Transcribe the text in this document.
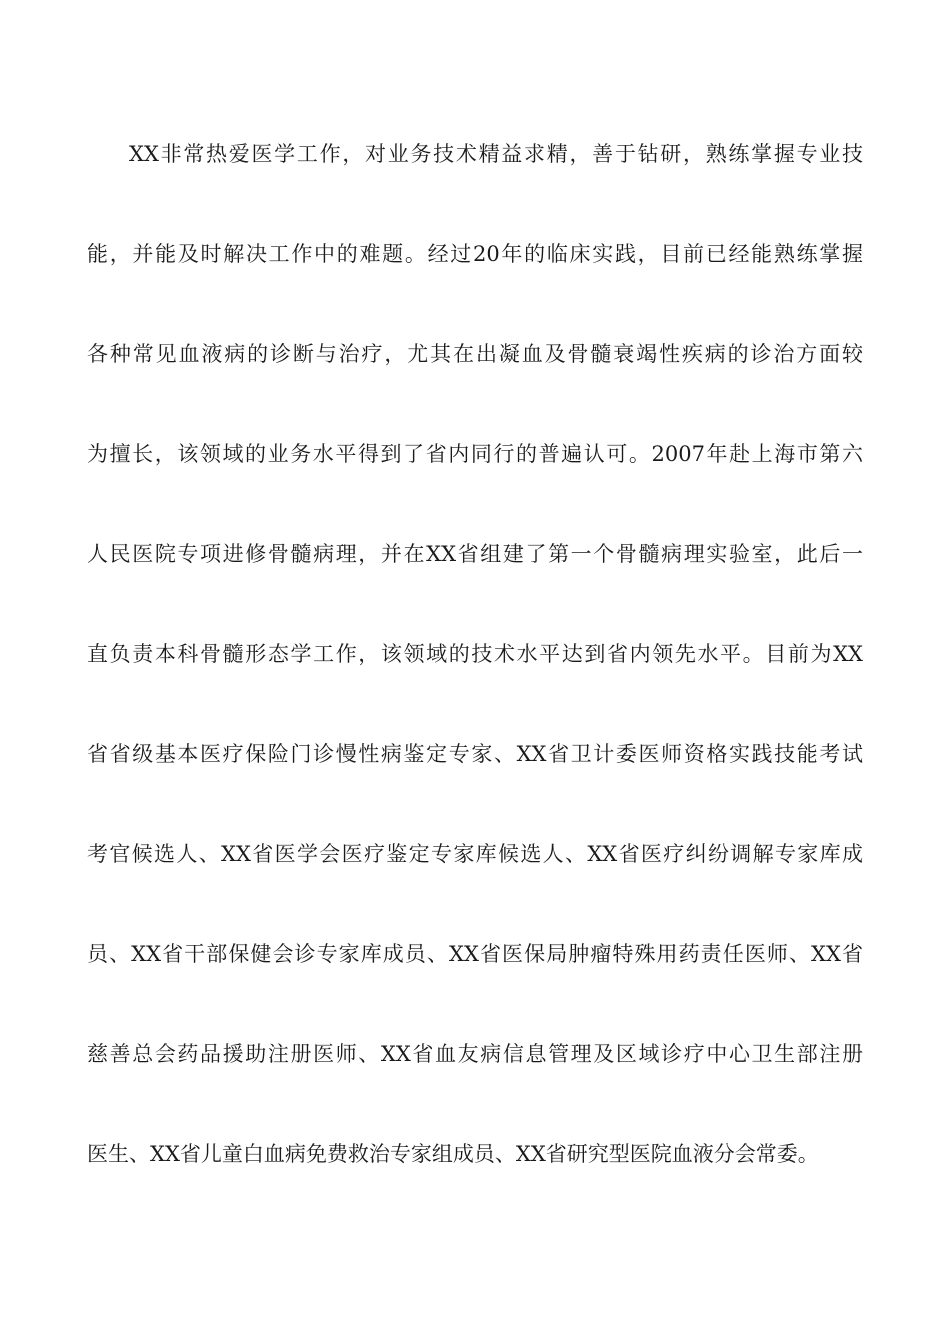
XX非常热爱医学工作，对业务技术精益求精，善于钻研，熟练掌握专业技
能，并能及时解决工作中的难题。经过20年的临床实践，目前已经能熟练掌握
各种常见血液病的诊断与治疗，尤其在出凝血及骨髓衰竭性疾病的诊治方面较
为擅长，该领域的业务水平得到了省内同行的普遍认可。2007年赴上海市第六
人民医院专项进修骨髓病理，并在XX省组建了第一个骨髓病理实验室，此后一
直负责本科骨髓形态学工作，该领域的技术水平达到省内领先水平。目前为XX
省省级基本医疗保险门诊慢性病鉴定专家、XX省卫计委医师资格实践技能考试
考官候选人、XX省医学会医疗鉴定专家库候选人、XX省医疗纠纷调解专家库成
员、XX省干部保健会诊专家库成员、XX省医保局肿瘤特殊用药责任医师、XX省
慈善总会药品援助注册医师、XX省血友病信息管理及区域诊疗中心卫生部注册
医生、XX省儿童白血病免费救治专家组成员、XX省研究型医院血液分会常委。
